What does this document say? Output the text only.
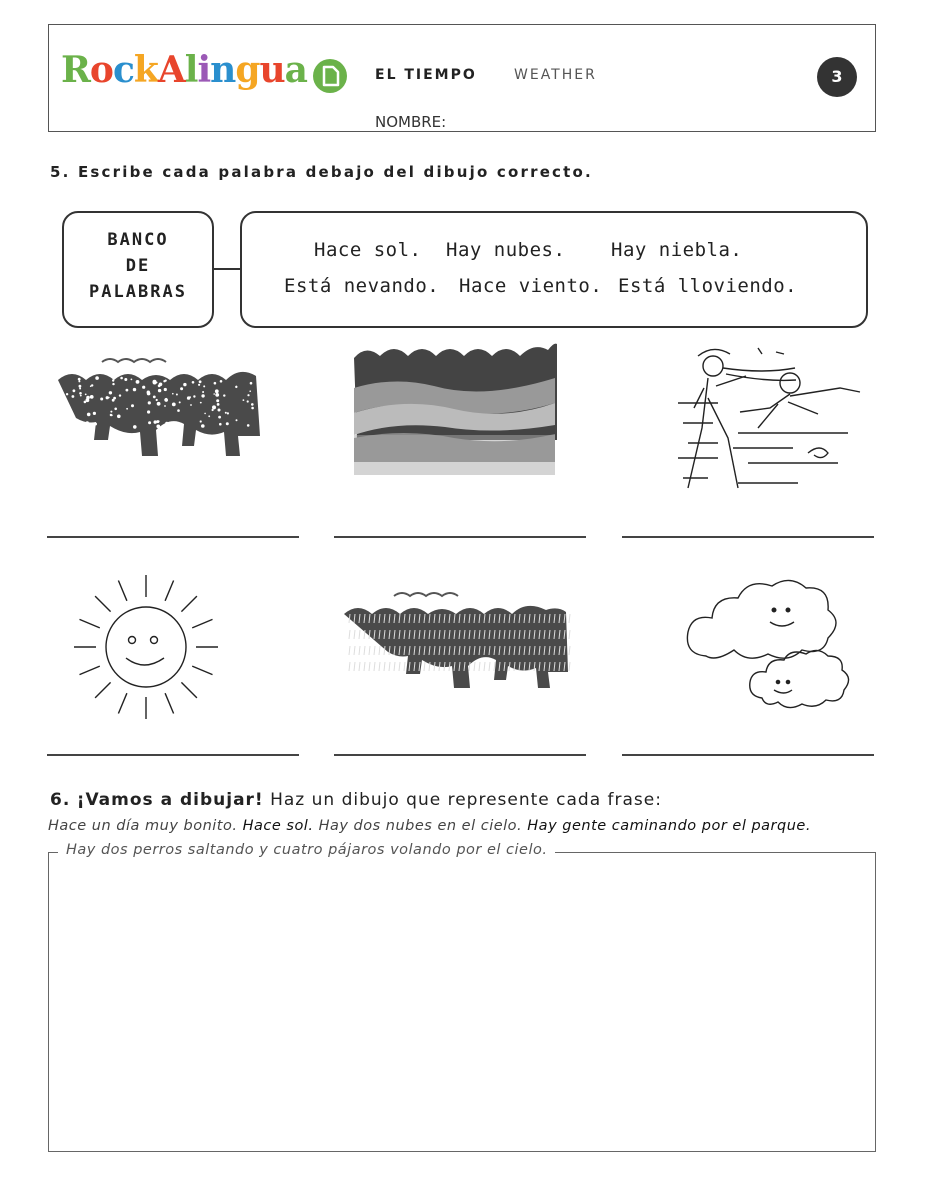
RockAlingua	EL TIEMPO	WEATHER	3
NOMBRE:
5. Escribe cada palabra debajo del dibujo correcto.
BANCO
DE
PALABRAS
Hace sol. Hay nubes. Hay niebla.
Está nevando. Hace viento. Está lloviendo.
6. ¡Vamos a dibujar! Haz un dibujo que represente cada frase:
Hace un día muy bonito. Hace sol. Hay dos nubes en el cielo. Hay gente caminando por el parque.
Hay dos perros saltando y cuatro pájaros volando por el cielo.
